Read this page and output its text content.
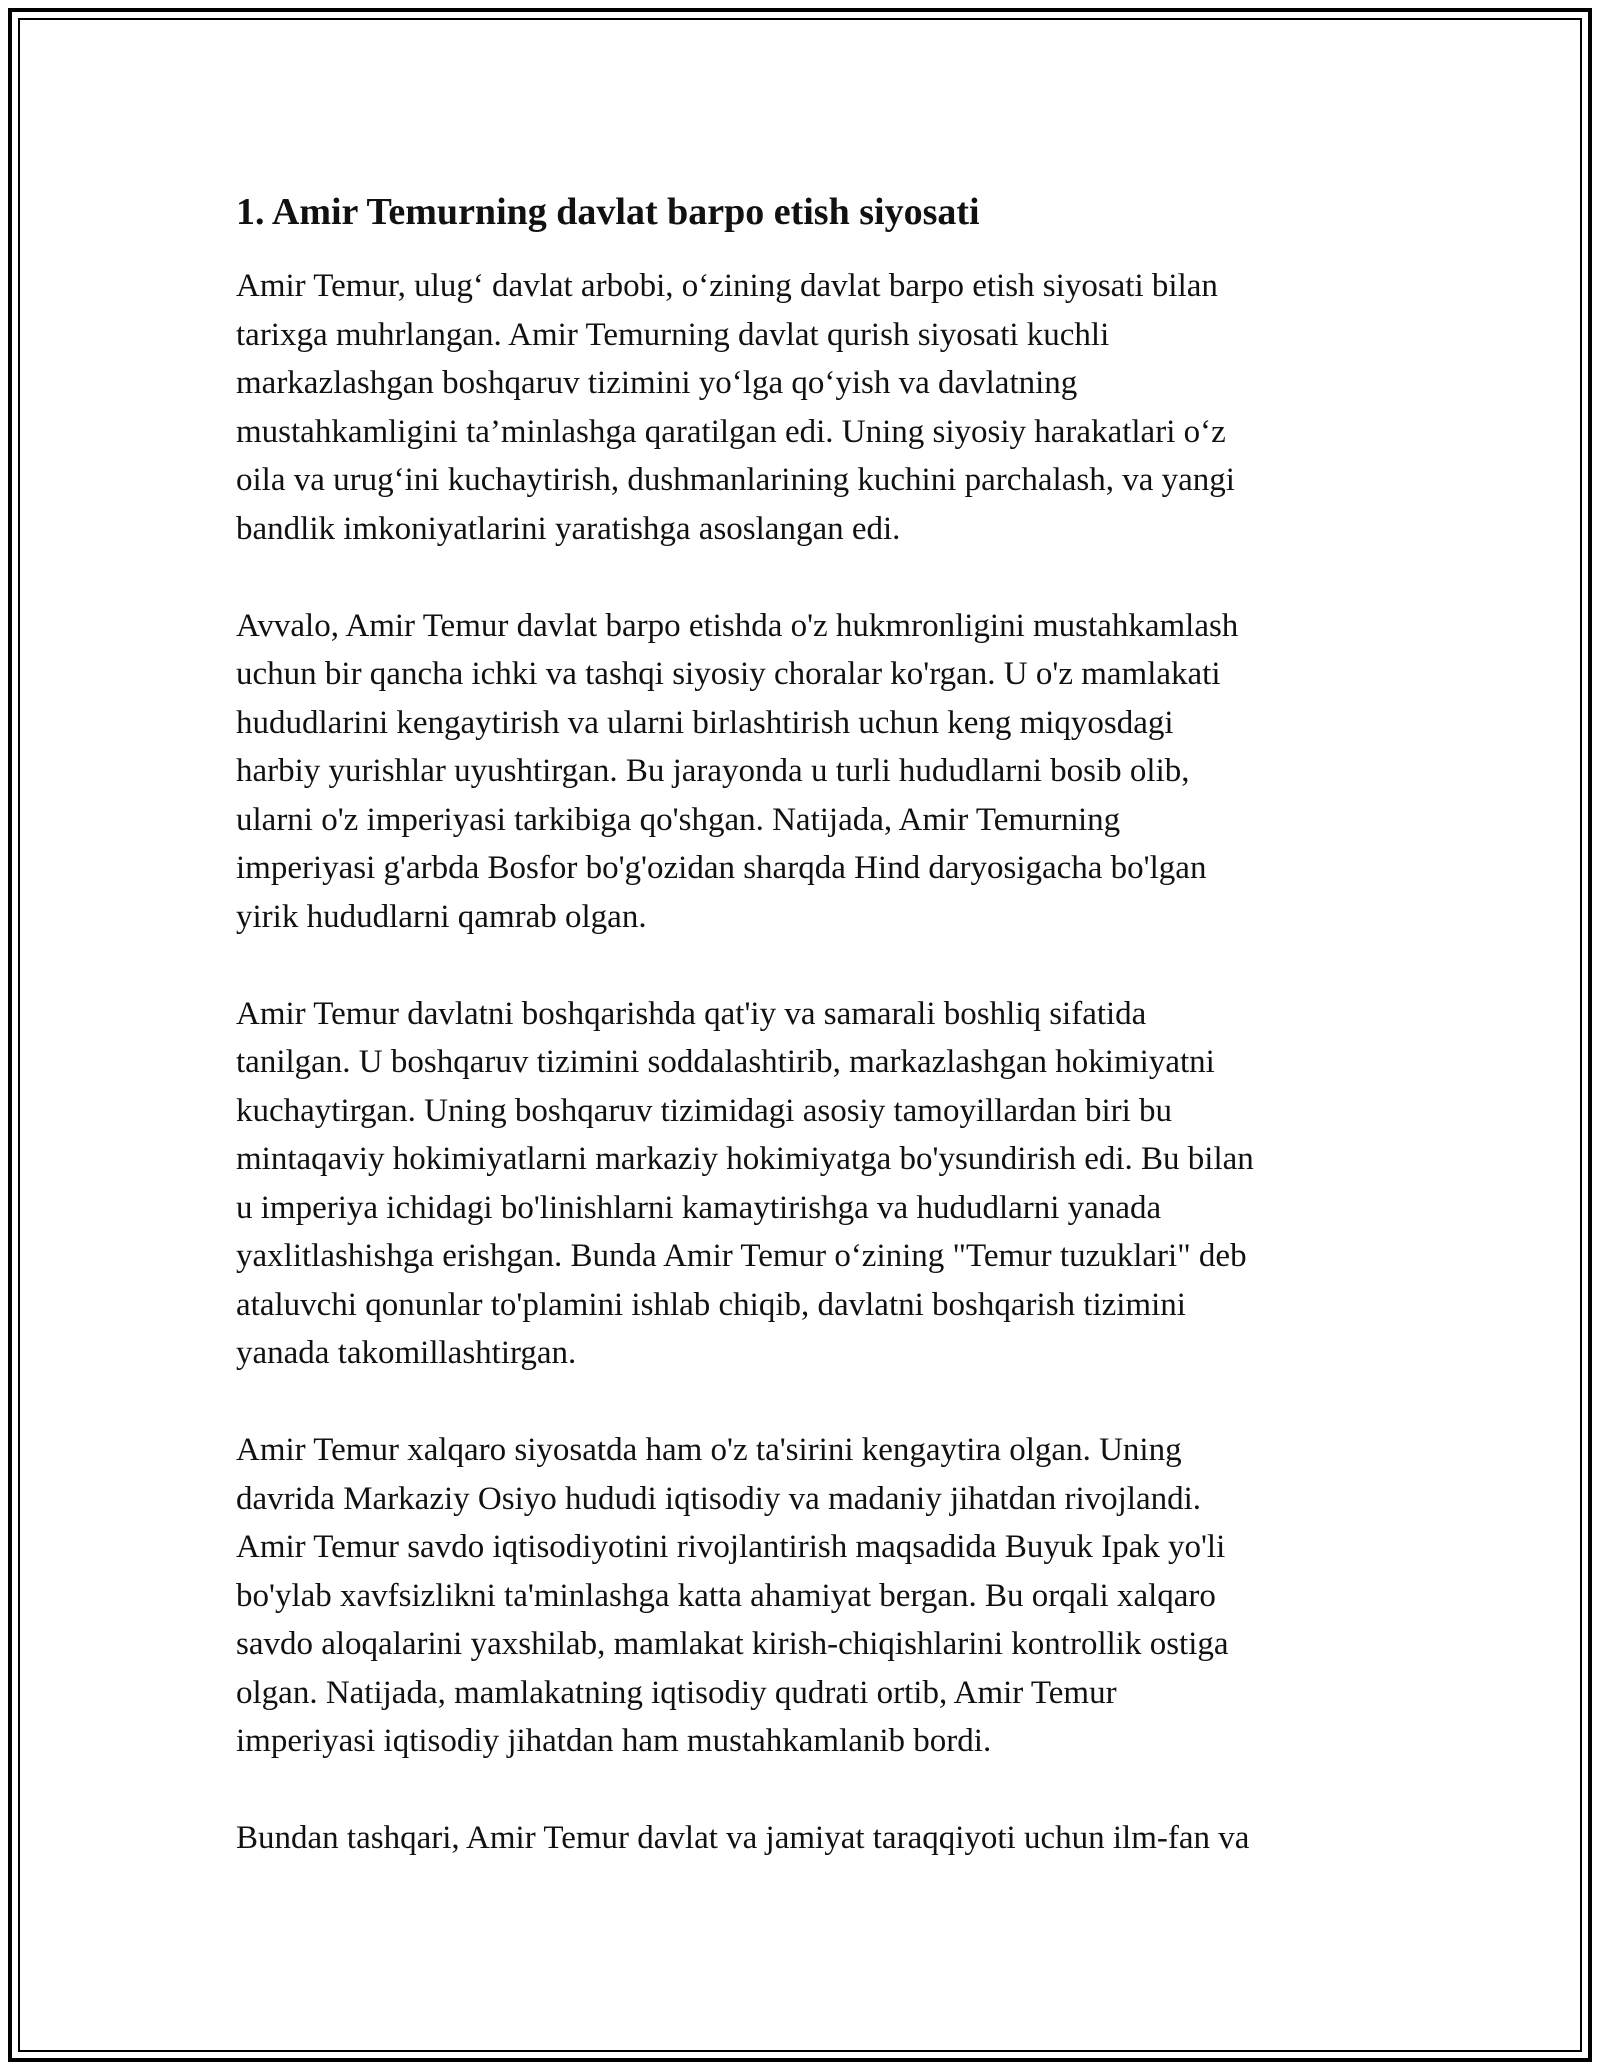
1. Amir Temurning davlat barpo etish siyosati
Amir Temur, ulug‘ davlat arbobi, o‘zining davlat barpo etish siyosati bilan
tarixga muhrlangan. Amir Temurning davlat qurish siyosati kuchli
markazlashgan boshqaruv tizimini yo‘lga qo‘yish va davlatning
mustahkamligini ta’minlashga qaratilgan edi. Uning siyosiy harakatlari o‘z
oila va urug‘ini kuchaytirish, dushmanlarining kuchini parchalash, va yangi
bandlik imkoniyatlarini yaratishga asoslangan edi.
Avvalo, Amir Temur davlat barpo etishda o'z hukmronligini mustahkamlash
uchun bir qancha ichki va tashqi siyosiy choralar ko'rgan. U o'z mamlakati
hududlarini kengaytirish va ularni birlashtirish uchun keng miqyosdagi
harbiy yurishlar uyushtirgan. Bu jarayonda u turli hududlarni bosib olib,
ularni o'z imperiyasi tarkibiga qo'shgan. Natijada, Amir Temurning
imperiyasi g'arbda Bosfor bo'g'ozidan sharqda Hind daryosigacha bo'lgan
yirik hududlarni qamrab olgan.
Amir Temur davlatni boshqarishda qat'iy va samarali boshliq sifatida
tanilgan. U boshqaruv tizimini soddalashtirib, markazlashgan hokimiyatni
kuchaytirgan. Uning boshqaruv tizimidagi asosiy tamoyillardan biri bu
mintaqaviy hokimiyatlarni markaziy hokimiyatga bo'ysundirish edi. Bu bilan
u imperiya ichidagi bo'linishlarni kamaytirishga va hududlarni yanada
yaxlitlashishga erishgan. Bunda Amir Temur o‘zining "Temur tuzuklari" deb
ataluvchi qonunlar to'plamini ishlab chiqib, davlatni boshqarish tizimini
yanada takomillashtirgan.
Amir Temur xalqaro siyosatda ham o'z ta'sirini kengaytira olgan. Uning
davrida Markaziy Osiyo hududi iqtisodiy va madaniy jihatdan rivojlandi.
Amir Temur savdo iqtisodiyotini rivojlantirish maqsadida Buyuk Ipak yo'li
bo'ylab xavfsizlikni ta'minlashga katta ahamiyat bergan. Bu orqali xalqaro
savdo aloqalarini yaxshilab, mamlakat kirish-chiqishlarini kontrollik ostiga
olgan. Natijada, mamlakatning iqtisodiy qudrati ortib, Amir Temur
imperiyasi iqtisodiy jihatdan ham mustahkamlanib bordi.
Bundan tashqari, Amir Temur davlat va jamiyat taraqqiyoti uchun ilm-fan va
